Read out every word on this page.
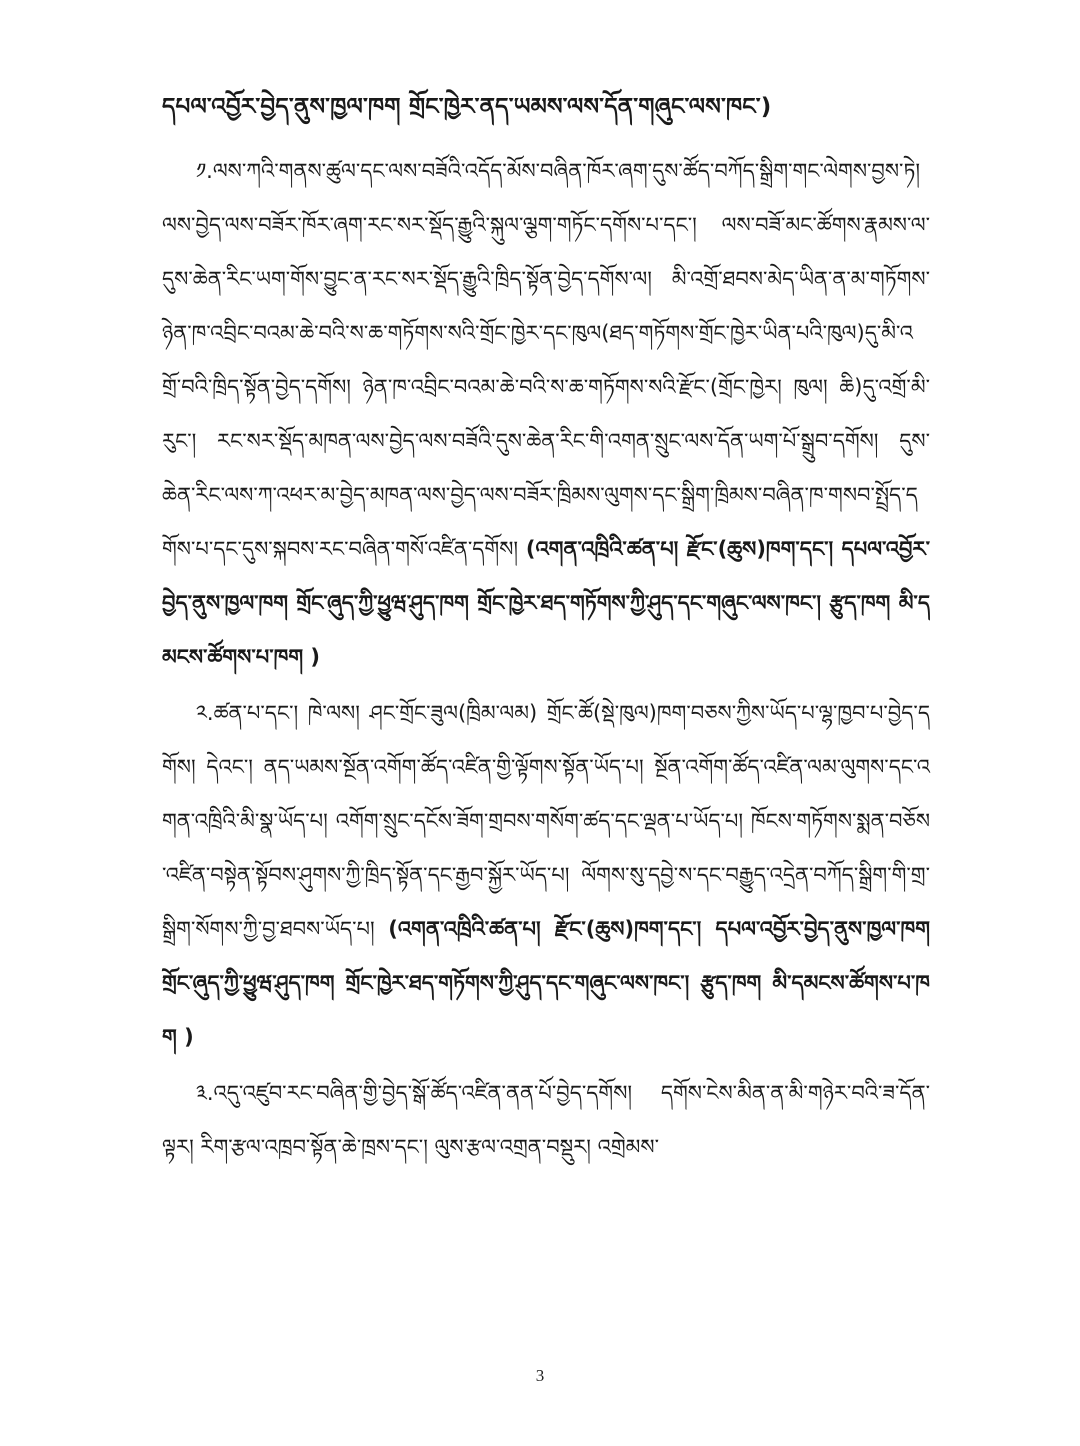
དཔལ་འབྱོར་བྱེད་ནུས་ཁྱལ་ཁག གྲོང་ཁྱེར་ནད་ཡམས་ལས་དོན་གཞུང་ལས་ཁང་)

༡.ལས་ཀའི་གནས་ཚུལ་དང་ལས་བཟོའི་འདོད་མོས་བཞིན་ཁོར་ཞག་དུས་ཚོད་བཀོད་སྒྲིག་གང་ལེགས་བྱས་ཏེ། ལས་བྱེད་ལས་བཟོར་ཁོར་ཞག་རང་སར་སྡོད་རྒྱུའི་སྐུལ་ལྕག་གཏོང་དགོས་པ་དང་། ལས་བཟོ་མང་ཚོགས་རྣམས་ལ་དུས་ཆེན་རིང་ཡག་གོས་བྱུང་ན་རང་སར་སྡོད་རྒྱུའི་ཁྲིད་སྟོན་བྱེད་དགོས་ལ། མི་འགྲོ་ཐབས་མེད་ཡིན་ན་མ་གཏོགས་ཉེན་ཁ་འབྲིང་བའམ་ཆེ་བའི་ས་ཆ་གཏོགས་སའི་གྲོང་ཁྱེར་དང་ཁུལ(ཐད་གཏོགས་གྲོང་ཁྱེར་ཡིན་པའི་ཁུལ)དུ་མི་འགྲོ་བའི་ཁྲིད་སྟོན་བྱེད་དགོས། ཉེན་ཁ་འབྲིང་བའམ་ཆེ་བའི་ས་ཆ་གཏོགས་སའི་རྫོང་(གྲོང་ཁྱེར། ཁུལ། ཆི)དུ་འགྲོ་མི་རུང་། རང་སར་སྡོད་མཁན་ལས་བྱེད་ལས་བཟོའི་དུས་ཆེན་རིང་གི་འགན་སྲུང་ལས་དོན་ཡག་པོ་སྒྲུབ་དགོས། དུས་ཆེན་རིང་ལས་ཀ་འཕར་མ་བྱེད་མཁན་ལས་བྱེད་ལས་བཟོར་ཁྲིམས་ལུགས་དང་སྒྲིག་ཁྲིམས་བཞིན་ཁ་གསབ་སྤྲོད་དགོས་པ་དང་དུས་སྐབས་རང་བཞིན་གསོ་འཛིན་དགོས། (འགན་འཁྲིའི་ཚན་པ། རྫོང་(ཆུས)ཁག་དང་། དཔལ་འབྱོར་བྱེད་ནུས་ཁྱལ་ཁག གྲོང་ཞུད་ཀྱི་ཕྱུཝ་ཤུད་ཁག གྲོང་ཁྱེར་ཐད་གཏོགས་ཀྱི་ཤུད་དང་གཞུང་ལས་ཁང་། རྩུད་ཁག མི་དམངས་ཚོགས་པ་ཁག )

༢.ཚན་པ་དང་། ཁེ་ལས། ཤང་གྲོང་ཟུལ(ཁྲིམ་ལམ) གྲོང་ཚོ(སྡེ་ཁུལ)ཁག་བཅས་ཀྱིས་ཡོད་པ་ལྷ་ཁྱབ་པ་བྱེད་དགོས། དེའང་། ནད་ཡམས་སྔོན་འགོག་ཚོད་འཛིན་གྱི་ལྟོགས་སྟོན་ཡོད་པ། སྔོན་འགོག་ཚོད་འཛིན་ལམ་ལུགས་དང་འགན་འཁྲིའི་མི་སྣ་ཡོད་པ། འགོག་སྲུང་དངོས་ཟོག་གྲབས་གསོག་ཚད་དང་ལྡན་པ་ཡོད་པ། ཁོངས་གཏོགས་སྨན་བཅོས་འཛིན་བསྟེན་སྟོབས་ཤུགས་ཀྱི་ཁྲིད་སྟོན་དང་རྒྱབ་སྐྱོར་ཡོད་པ། ལོགས་སུ་དབྱེ་ས་དང་བརྒྱུད་འདྲེན་བཀོད་སྒྲིག་གི་གྲ་སྒྲིག་སོགས་ཀྱི་བྱ་ཐབས་ཡོད་པ། (འགན་འཁྲིའི་ཚན་པ། རྫོང་(ཆུས)ཁག་དང་། དཔལ་འབྱོར་བྱེད་ནུས་ཁྱལ་ཁག གྲོང་ཞུད་ཀྱི་ཕྱུཝ་ཤུད་ཁག གྲོང་ཁྱེར་ཐད་གཏོགས་ཀྱི་ཤུད་དང་གཞུང་ལས་ཁང་། རྩུད་ཁག མི་དམངས་ཚོགས་པ་ཁག )

༣.འདུ་འཛུབ་རང་བཞིན་གྱི་བྱེད་སྒོ་ཚོད་འཛིན་ནན་པོ་བྱེད་དགོས། དགོས་ངེས་མིན་ན་མི་གཉེར་བའི་ཟ་དོན་ལྟར། རིག་རྩལ་འཁྲབ་སྟོན་ཆེ་ཁྲས་དང་། ལུས་རྩལ་འགྲན་བསྡུར། འགྲེམས་

3
